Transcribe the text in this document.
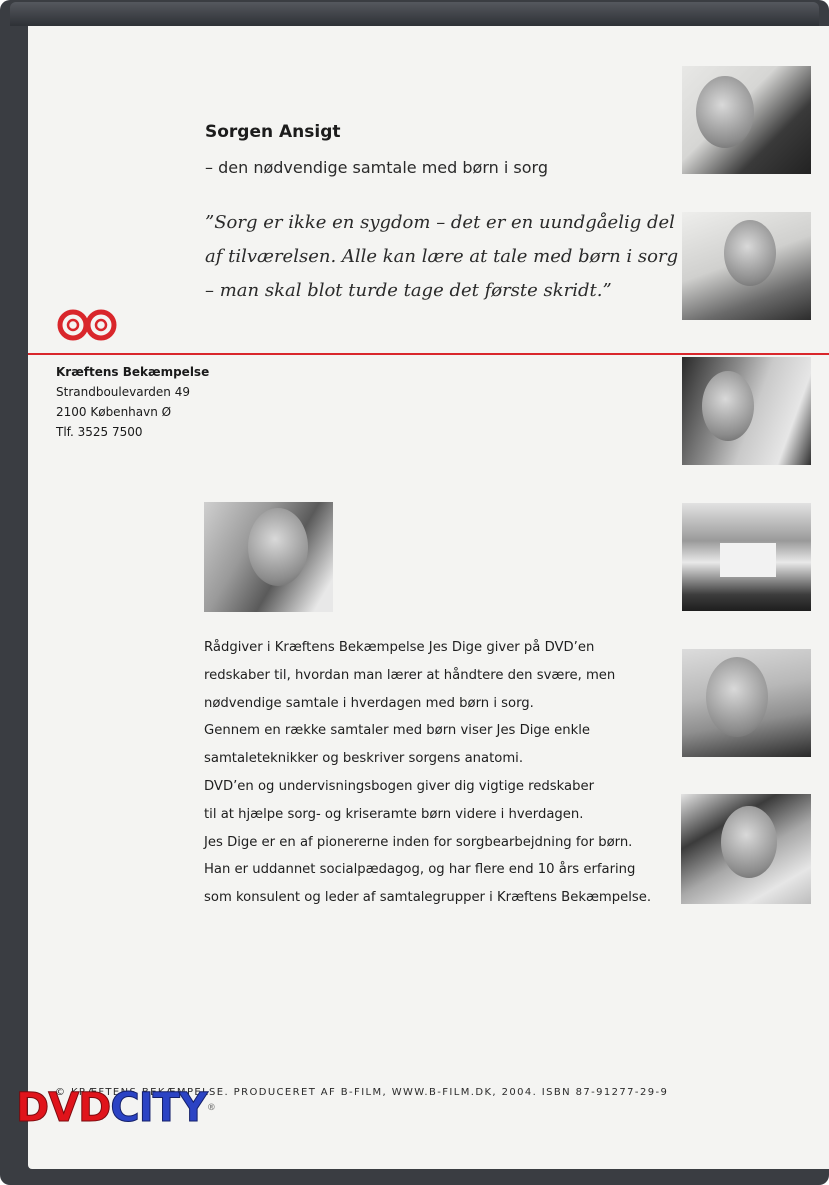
Sorgen Ansigt
– den nødvendige samtale med børn i sorg
”Sorg er ikke en sygdom – det er en uundgåelig del
af tilværelsen. Alle kan lære at tale med børn i sorg
– man skal blot turde tage det første skridt.”
Kræftens Bekæmpelse
Strandboulevarden 49
2100 København Ø
Tlf. 3525 7500
Rådgiver i Kræftens Bekæmpelse Jes Dige giver på DVD’en
redskaber til, hvordan man lærer at håndtere den svære, men
nødvendige samtale i hverdagen med børn i sorg.
Gennem en række samtaler med børn viser Jes Dige enkle
samtaleteknikker og beskriver sorgens anatomi.
DVD’en og undervisningsbogen giver dig vigtige redskaber
til at hjælpe sorg- og kriseramte børn videre i hverdagen.
Jes Dige er en af pionererne inden for sorgbearbejdning for børn.
Han er uddannet socialpædagog, og har flere end 10 års erfaring
som konsulent og leder af samtalegrupper i Kræftens Bekæmpelse.
© KRÆFTENS BEKÆMPELSE. PRODUCERET AF B-FILM, WWW.B-FILM.DK, 2004. ISBN 87-91277-29-9
DVDCITY®
